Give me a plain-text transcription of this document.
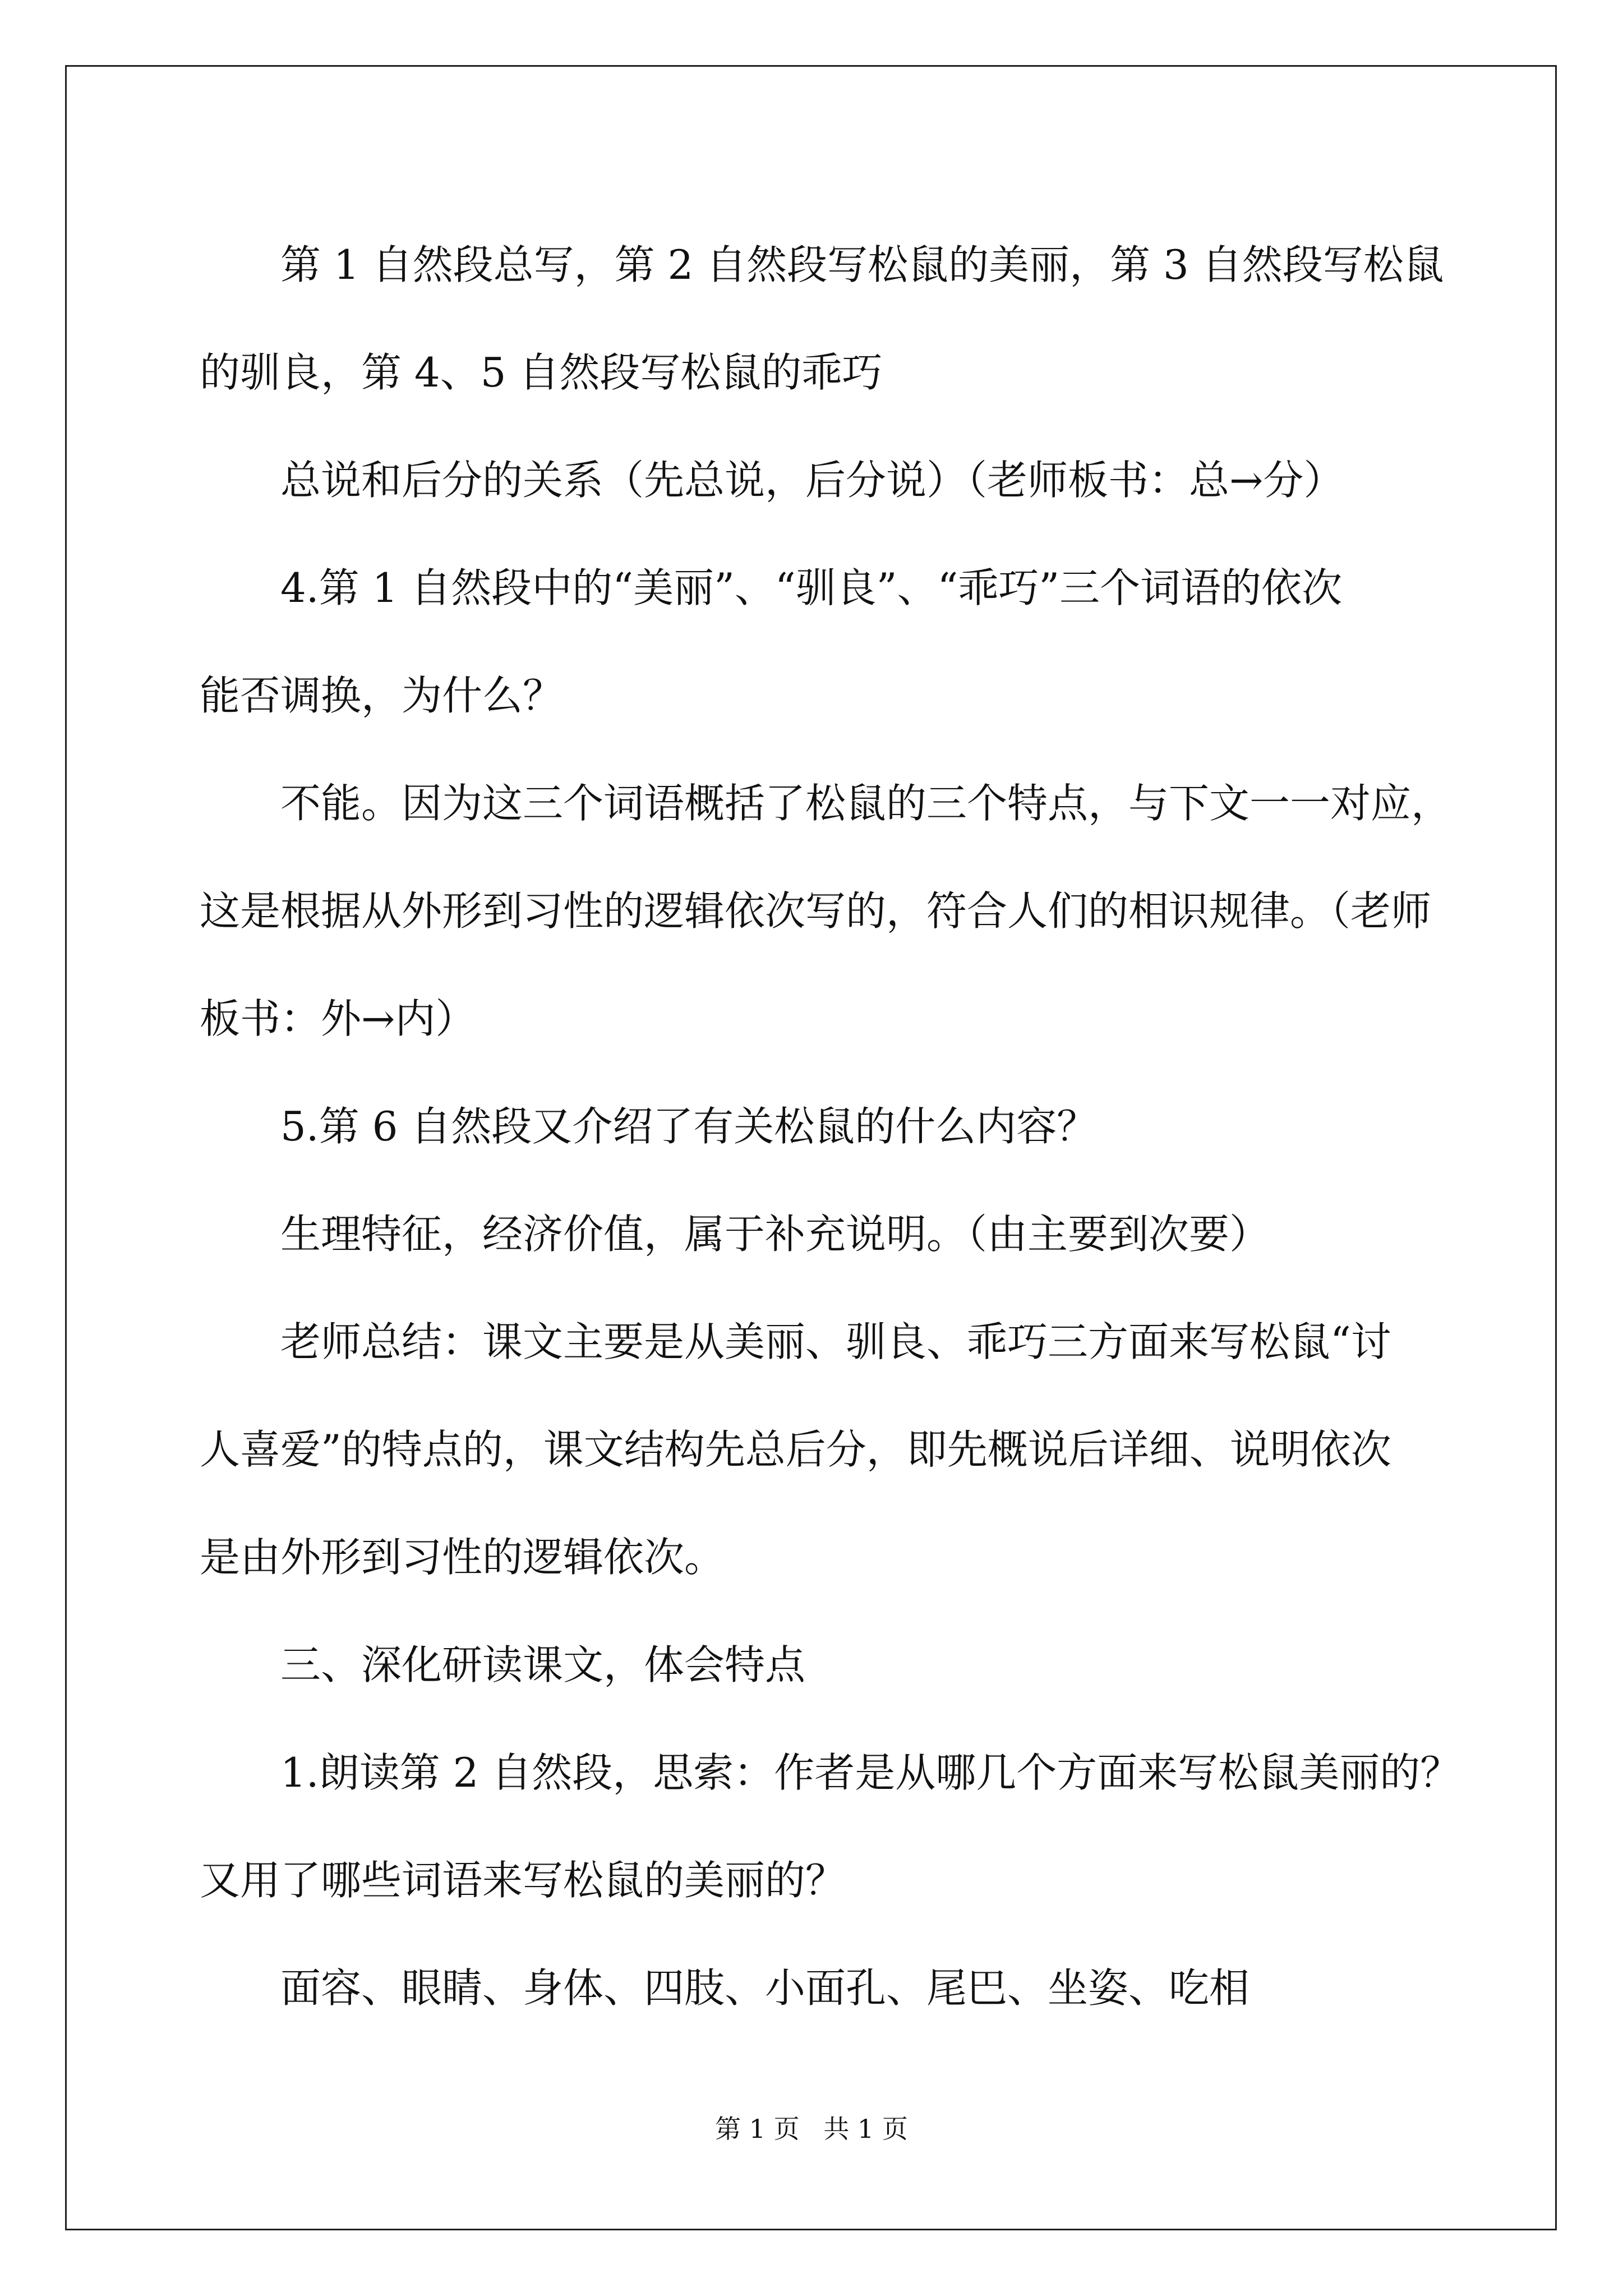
第 1 自然段总写，第 2 自然段写松鼠的美丽，第 3 自然段写松鼠
的驯良，第 4、5 自然段写松鼠的乖巧
总说和后分的关系（先总说，后分说）（老师板书：总→分）
4.第 1 自然段中的“美丽”、“驯良”、“乖巧”三个词语的依次
能否调换，为什么？
不能。因为这三个词语概括了松鼠的三个特点，与下文一一对应，
这是根据从外形到习性的逻辑依次写的，符合人们的相识规律。（老师
板书：外→内）
5.第 6 自然段又介绍了有关松鼠的什么内容？
生理特征，经济价值，属于补充说明。（由主要到次要）
老师总结：课文主要是从美丽、驯良、乖巧三方面来写松鼠“讨
人喜爱”的特点的，课文结构先总后分，即先概说后详细、说明依次
是由外形到习性的逻辑依次。
三、深化研读课文，体会特点
1.朗读第 2 自然段，思索：作者是从哪几个方面来写松鼠美丽的？
又用了哪些词语来写松鼠的美丽的？
面容、眼睛、身体、四肢、小面孔、尾巴、坐姿、吃相
第 1 页 共 1 页
